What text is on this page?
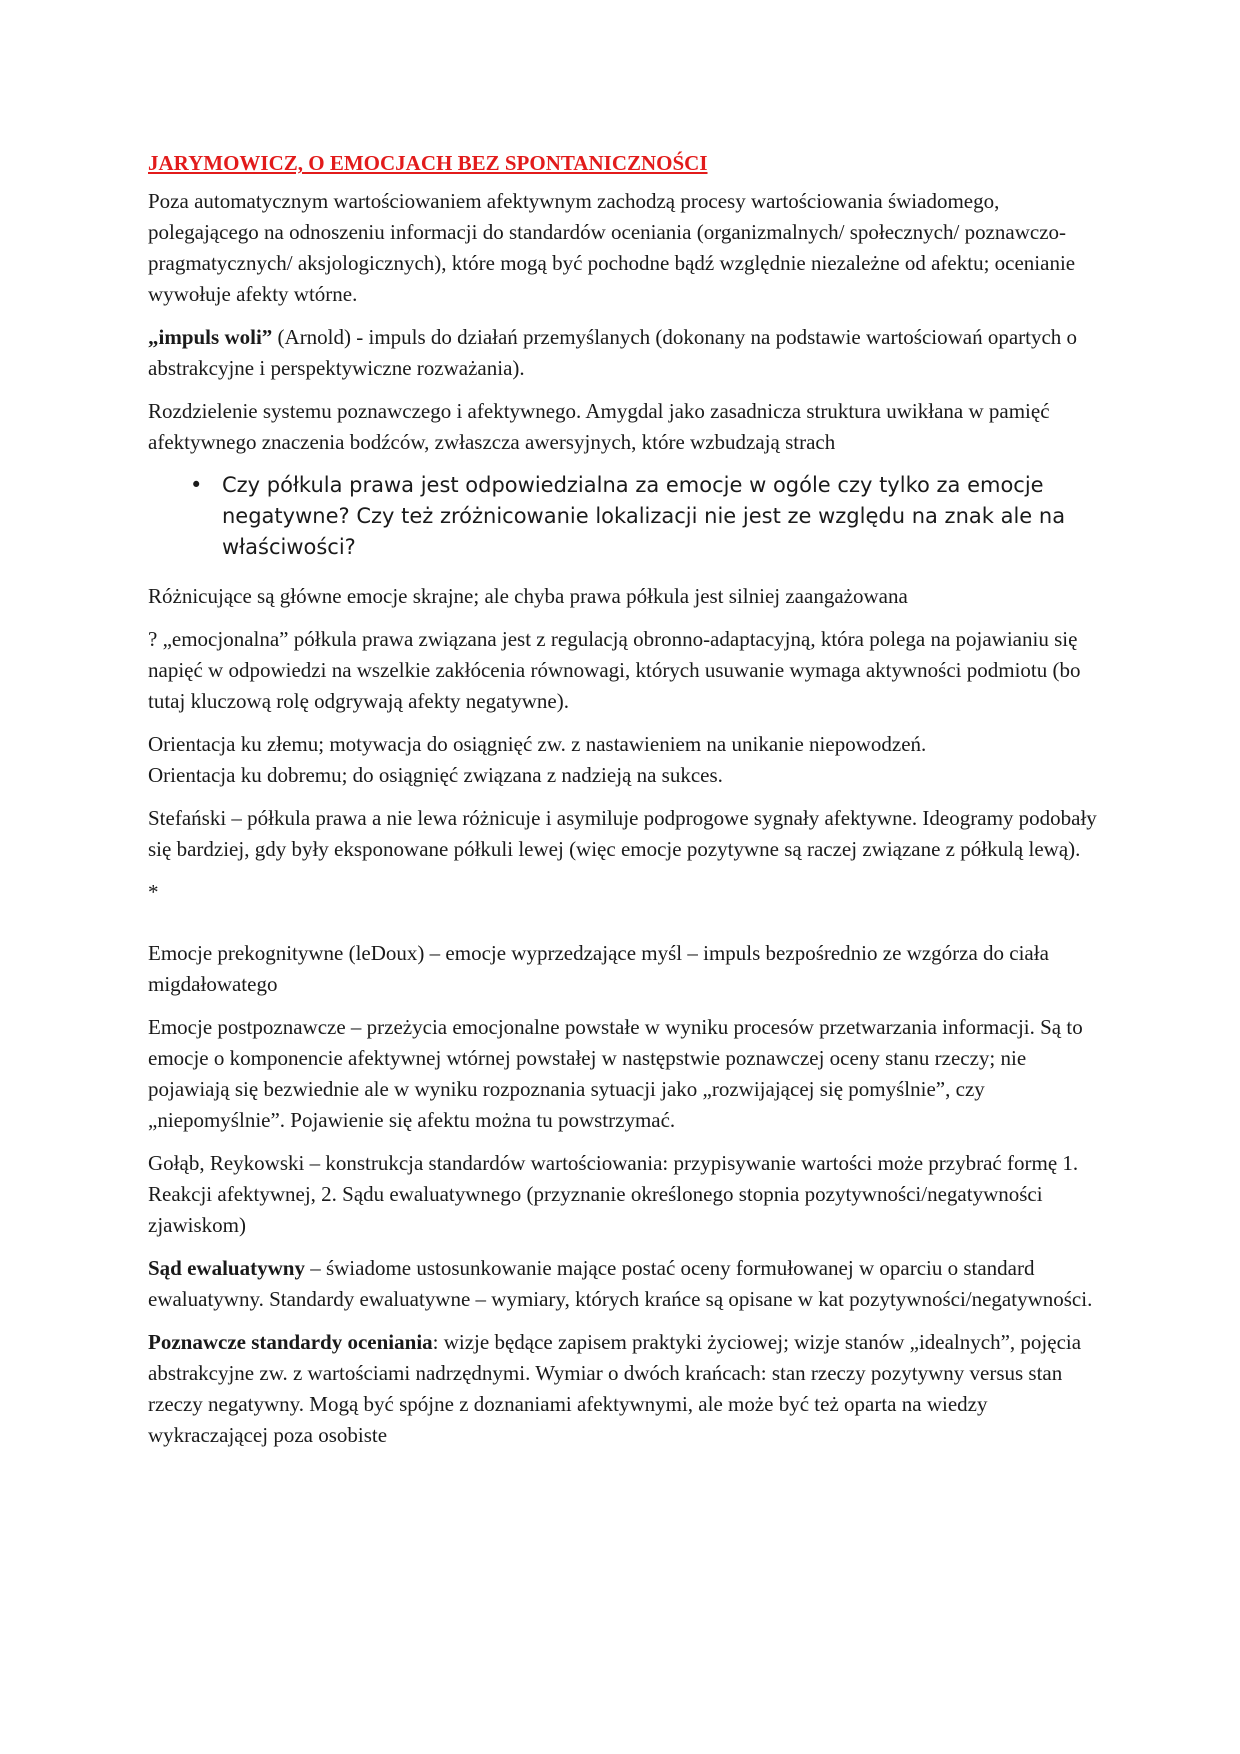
JARYMOWICZ, O EMOCJACH BEZ SPONTANICZNOŚCI

Poza automatycznym wartościowaniem afektywnym zachodzą procesy wartościowania świadomego, polegającego na odnoszeniu informacji do standardów oceniania (organizmalnych/ społecznych/ poznawczo-pragmatycznych/ aksjologicznych), które mogą być pochodne bądź względnie niezależne od afektu; ocenianie wywołuje afekty wtórne.

„impuls woli” (Arnold) - impuls do działań przemyślanych (dokonany na podstawie wartościowań opartych o abstrakcyjne i perspektywiczne rozważania).

Rozdzielenie systemu poznawczego i afektywnego. Amygdal jako zasadnicza struktura uwikłana w pamięć afektywnego znaczenia bodźców, zwłaszcza awersyjnych, które wzbudzają strach

• Czy półkula prawa jest odpowiedzialna za emocje w ogóle czy tylko za emocje negatywne? Czy też zróżnicowanie lokalizacji nie jest ze względu na znak ale na właściwości?

Różnicujące są główne emocje skrajne; ale chyba prawa półkula jest silniej zaangażowana

? „emocjonalna” półkula prawa związana jest z regulacją obronno-adaptacyjną, która polega na pojawianiu się napięć w odpowiedzi na wszelkie zakłócenia równowagi, których usuwanie wymaga aktywności podmiotu (bo tutaj kluczową rolę odgrywają afekty negatywne).

Orientacja ku złemu; motywacja do osiągnięć zw. z nastawieniem na unikanie niepowodzeń.
Orientacja ku dobremu; do osiągnięć związana z nadzieją na sukces.

Stefański – półkula prawa a nie lewa różnicuje i asymiluje podprogowe sygnały afektywne. Ideogramy podobały się bardziej, gdy były eksponowane półkuli lewej (więc emocje pozytywne są raczej związane z półkulą lewą).

*

Emocje prekognitywne (leDoux) – emocje wyprzedzające myśl – impuls bezpośrednio ze wzgórza do ciała migdałowatego

Emocje postpoznawcze – przeżycia emocjonalne powstałe w wyniku procesów przetwarzania informacji. Są to emocje o komponencie afektywnej wtórnej powstałej w następstwie poznawczej oceny stanu rzeczy; nie pojawiają się bezwiednie ale w wyniku rozpoznania sytuacji jako „rozwijającej się pomyślnie”, czy „niepomyślnie”. Pojawienie się afektu można tu powstrzymać.

Gołąb, Reykowski – konstrukcja standardów wartościowania: przypisywanie wartości może przybrać formę 1. Reakcji afektywnej, 2. Sądu ewaluatywnego (przyznanie określonego stopnia pozytywności/negatywności zjawiskom)

Sąd ewaluatywny – świadome ustosunkowanie mające postać oceny formułowanej w oparciu o standard ewaluatywny. Standardy ewaluatywne – wymiary, których krańce są opisane w kat pozytywności/negatywności.

Poznawcze standardy oceniania: wizje będące zapisem praktyki życiowej; wizje stanów „idealnych”, pojęcia abstrakcyjne zw. z wartościami nadrzędnymi. Wymiar o dwóch krańcach: stan rzeczy pozytywny versus stan rzeczy negatywny. Mogą być spójne z doznaniami afektywnymi, ale może być też oparta na wiedzy wykraczającej poza osobiste
